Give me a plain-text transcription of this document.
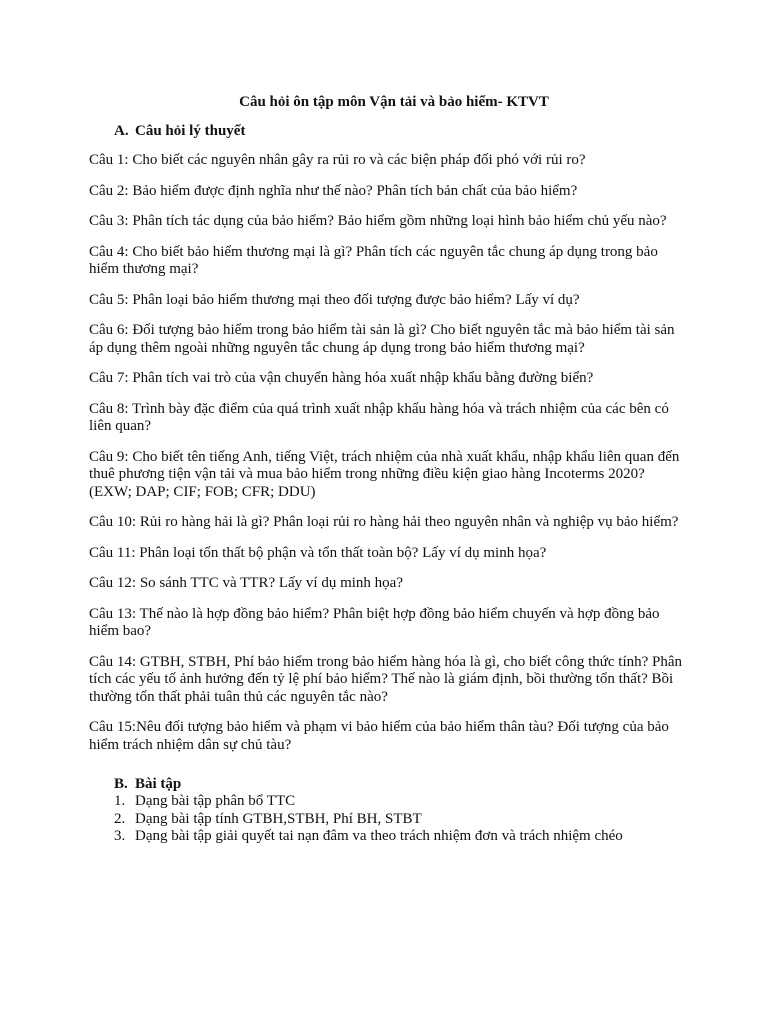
Câu hỏi ôn tập môn Vận tải và bảo hiểm- KTVT
A. Câu hỏi lý thuyết

Câu 1: Cho biết các nguyên nhân gây ra rủi ro và các biện pháp đối phó với rủi ro?

Câu 2: Bảo hiểm được định nghĩa như thế nào? Phân tích bản chất của bảo hiểm?

Câu 3: Phân tích tác dụng của bảo hiểm? Bảo hiểm gồm những loại hình bảo hiểm chủ yếu nào?

Câu 4: Cho biết bảo hiểm thương mại là gì? Phân tích các nguyên tắc chung áp dụng trong bảo hiểm thương mại?

Câu 5: Phân loại bảo hiểm thương mại theo đối tượng được bảo hiểm? Lấy ví dụ?

Câu 6: Đối tượng bảo hiểm trong bảo hiểm tài sản là gì? Cho biết nguyên tắc mà bảo hiểm tài sản áp dụng thêm ngoài những nguyên tắc chung áp dụng trong bảo hiểm thương mại?

Câu 7: Phân tích vai trò của vận chuyển hàng hóa xuất nhập khẩu bằng đường biển?

Câu 8: Trình bày đặc điểm của quá trình xuất nhập khẩu hàng hóa và trách nhiệm của các bên có liên quan?

Câu 9: Cho biết tên tiếng Anh, tiếng Việt, trách nhiệm của nhà xuất khẩu, nhập khẩu liên quan đến thuê phương tiện vận tải và mua bảo hiểm trong những điều kiện giao hàng Incoterms 2020? (EXW; DAP; CIF; FOB; CFR; DDU)

Câu 10: Rủi ro hàng hải là gì? Phân loại rủi ro hàng hải theo nguyên nhân và nghiệp vụ bảo hiểm?

Câu 11: Phân loại tổn thất bộ phận và tổn thất toàn bộ? Lấy ví dụ minh họa?

Câu 12: So sánh TTC và TTR? Lấy ví dụ minh họa?

Câu 13: Thế nào là hợp đồng bảo hiểm? Phân biệt hợp đồng bảo hiểm chuyến và hợp đồng bảo hiểm bao?

Câu 14: GTBH, STBH, Phí bảo hiểm trong bảo hiểm hàng hóa là gì, cho biết công thức tính? Phân tích các yếu tố ảnh hưởng đến tỷ lệ phí bảo hiểm? Thế nào là giám định, bồi thường tổn thất? Bồi thường tổn thất phải tuân thủ các nguyên tắc nào?

Câu 15:Nêu đối tượng bảo hiểm và phạm vi bảo hiểm của bảo hiểm thân tàu? Đối tượng của bảo hiểm trách nhiệm dân sự chủ tàu?

B. Bài tập
1. Dạng bài tập phân bổ TTC
2. Dạng bài tập tính GTBH,STBH, Phí BH, STBT
3. Dạng bài tập giải quyết tai nạn đâm va theo trách nhiệm đơn và trách nhiệm chéo
